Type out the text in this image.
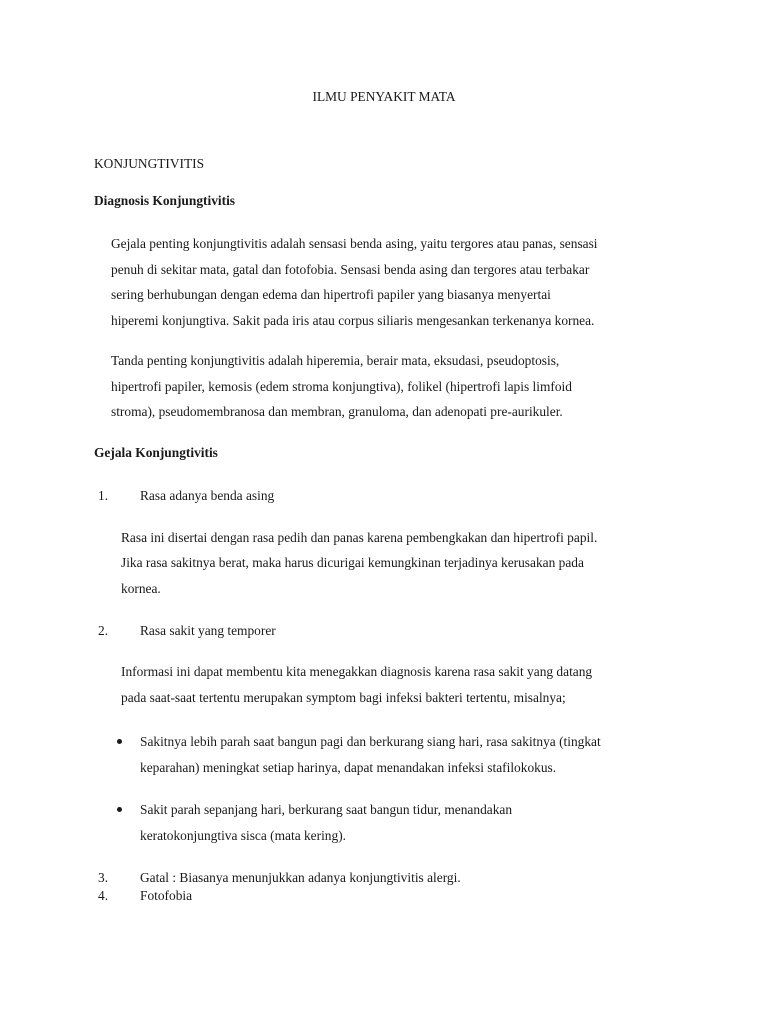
ILMU PENYAKIT MATA
KONJUNGTIVITIS
Diagnosis Konjungtivitis
Gejala penting konjungtivitis adalah sensasi benda asing, yaitu tergores atau panas, sensasi
penuh di sekitar mata, gatal dan fotofobia. Sensasi benda asing dan tergores atau terbakar
sering berhubungan dengan edema dan hipertrofi papiler yang biasanya menyertai
hiperemi konjungtiva. Sakit pada iris atau corpus siliaris mengesankan terkenanya kornea.
Tanda penting konjungtivitis adalah hiperemia, berair mata, eksudasi, pseudoptosis,
hipertrofi papiler, kemosis (edem stroma konjungtiva), folikel (hipertrofi lapis limfoid
stroma), pseudomembranosa dan membran, granuloma, dan adenopati pre-aurikuler.
Gejala Konjungtivitis
1. Rasa adanya benda asing
Rasa ini disertai dengan rasa pedih dan panas karena pembengkakan dan hipertrofi papil.
Jika rasa sakitnya berat, maka harus dicurigai kemungkinan terjadinya kerusakan pada
kornea.
2. Rasa sakit yang temporer
Informasi ini dapat membentu kita menegakkan diagnosis karena rasa sakit yang datang
pada saat-saat tertentu merupakan symptom bagi infeksi bakteri tertentu, misalnya;
Sakitnya lebih parah saat bangun pagi dan berkurang siang hari, rasa sakitnya (tingkat
keparahan) meningkat setiap harinya, dapat menandakan infeksi stafilokokus.
Sakit parah sepanjang hari, berkurang saat bangun tidur, menandakan
keratokonjungtiva sisca (mata kering).
3. Gatal : Biasanya menunjukkan adanya konjungtivitis alergi.
4. Fotofobia
